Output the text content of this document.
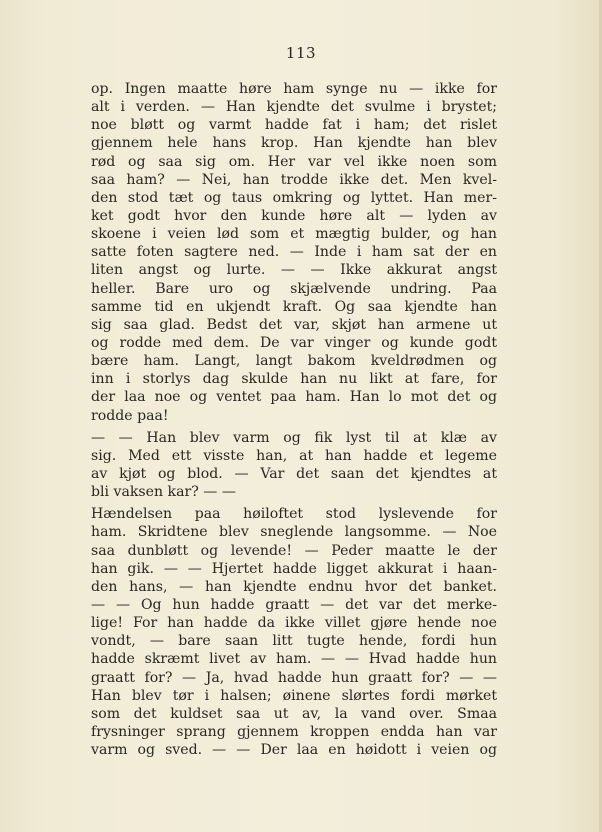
113
op. Ingen maatte høre ham synge nu — ikke for
alt i verden. — Han kjendte det svulme i brystet;
noe bløtt og varmt hadde fat i ham; det rislet
gjennem hele hans krop. Han kjendte han blev
rød og saa sig om. Her var vel ikke noen som
saa ham? — Nei, han trodde ikke det. Men kvel-
den stod tæt og taus omkring og lyttet. Han mer-
ket godt hvor den kunde høre alt — lyden av
skoene i veien lød som et mægtig bulder, og han
satte foten sagtere ned. — Inde i ham sat der en
liten angst og lurte. — — Ikke akkurat angst
heller. Bare uro og skjælvende undring. Paa
samme tid en ukjendt kraft. Og saa kjendte han
sig saa glad. Bedst det var, skjøt han armene ut
og rodde med dem. De var vinger og kunde godt
bære ham. Langt, langt bakom kveldrødmen og
inn i storlys dag skulde han nu likt at fare, for
der laa noe og ventet paa ham. Han lo mot det og
rodde paa!
— — Han blev varm og fik lyst til at klæ av
sig. Med ett visste han, at han hadde et legeme
av kjøt og blod. — Var det saan det kjendtes at
bli vaksen kar? — —
Hændelsen paa høiloftet stod lyslevende for
ham. Skridtene blev sneglende langsomme. — Noe
saa dunbløtt og levende! — Peder maatte le der
han gik. — — Hjertet hadde ligget akkurat i haan-
den hans, — han kjendte endnu hvor det banket.
— — Og hun hadde graatt — det var det merke-
lige! For han hadde da ikke villet gjøre hende noe
vondt, — bare saan litt tugte hende, fordi hun
hadde skræmt livet av ham. — — Hvad hadde hun
graatt for? — Ja, hvad hadde hun graatt for? — —
Han blev tør i halsen; øinene slørtes fordi mørket
som det kuldset saa ut av, la vand over. Smaa
frysninger sprang gjennem kroppen endda han var
varm og sved. — — Der laa en høidott i veien og
